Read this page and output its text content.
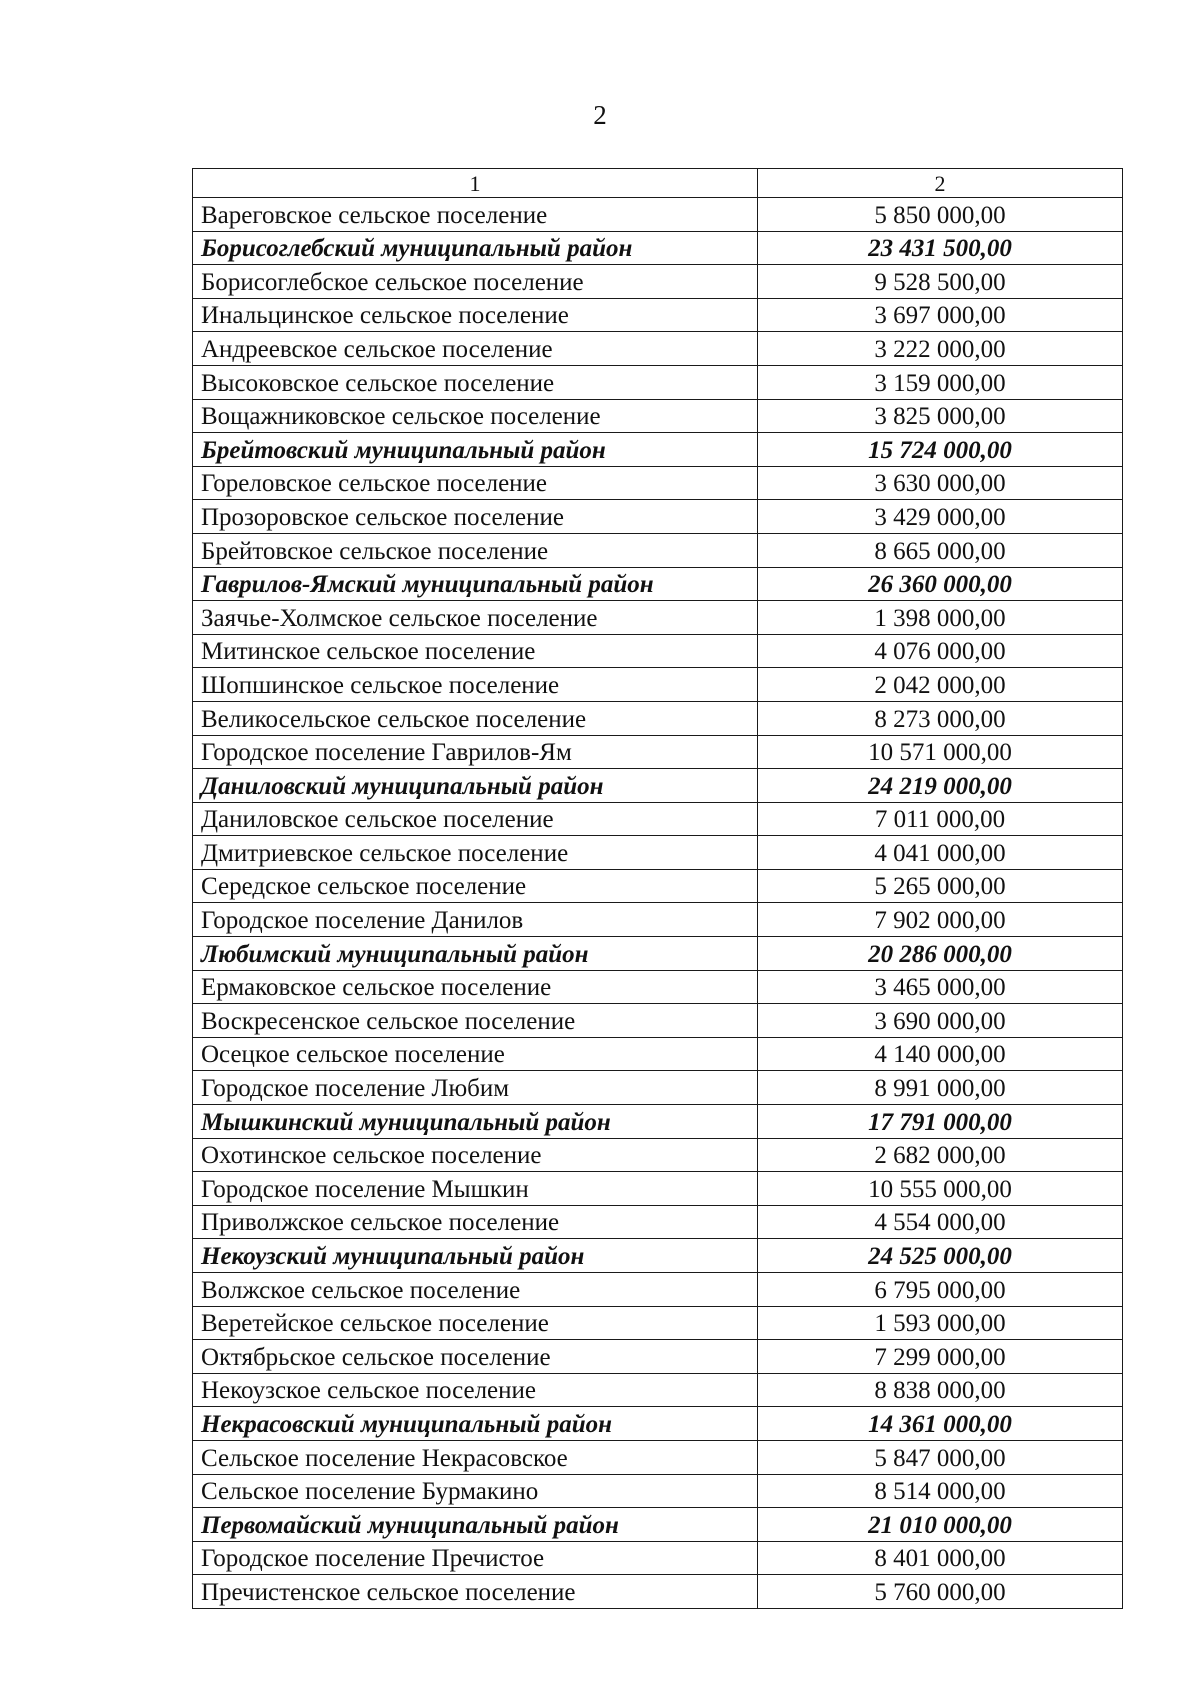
2
1	2
Вареговское сельское поселение	5 850 000,00
Борисоглебский муниципальный район	23 431 500,00
Борисоглебское сельское поселение	9 528 500,00
Инальцинское сельское поселение	3 697 000,00
Андреевское сельское поселение	3 222 000,00
Высоковское сельское поселение	3 159 000,00
Вощажниковское сельское поселение	3 825 000,00
Брейтовский муниципальный район	15 724 000,00
Гореловское сельское поселение	3 630 000,00
Прозоровское сельское поселение	3 429 000,00
Брейтовское сельское поселение	8 665 000,00
Гаврилов-Ямский муниципальный район	26 360 000,00
Заячье-Холмское сельское поселение	1 398 000,00
Митинское сельское поселение	4 076 000,00
Шопшинское сельское поселение	2 042 000,00
Великосельское сельское поселение	8 273 000,00
Городское поселение Гаврилов-Ям	10 571 000,00
Даниловский муниципальный район	24 219 000,00
Даниловское сельское поселение	7 011 000,00
Дмитриевское сельское поселение	4 041 000,00
Середское сельское поселение	5 265 000,00
Городское поселение Данилов	7 902 000,00
Любимский муниципальный район	20 286 000,00
Ермаковское сельское поселение	3 465 000,00
Воскресенское сельское поселение	3 690 000,00
Осецкое сельское поселение	4 140 000,00
Городское поселение Любим	8 991 000,00
Мышкинский муниципальный район	17 791 000,00
Охотинское сельское поселение	2 682 000,00
Городское поселение Мышкин	10 555 000,00
Приволжское сельское поселение	4 554 000,00
Некоузский муниципальный район	24 525 000,00
Волжское сельское поселение	6 795 000,00
Веретейское сельское поселение	1 593 000,00
Октябрьское сельское поселение	7 299 000,00
Некоузское сельское поселение	8 838 000,00
Некрасовский муниципальный район	14 361 000,00
Сельское поселение Некрасовское	5 847 000,00
Сельское поселение Бурмакино	8 514 000,00
Первомайский муниципальный район	21 010 000,00
Городское поселение Пречистое	8 401 000,00
Пречистенское сельское поселение	5 760 000,00
